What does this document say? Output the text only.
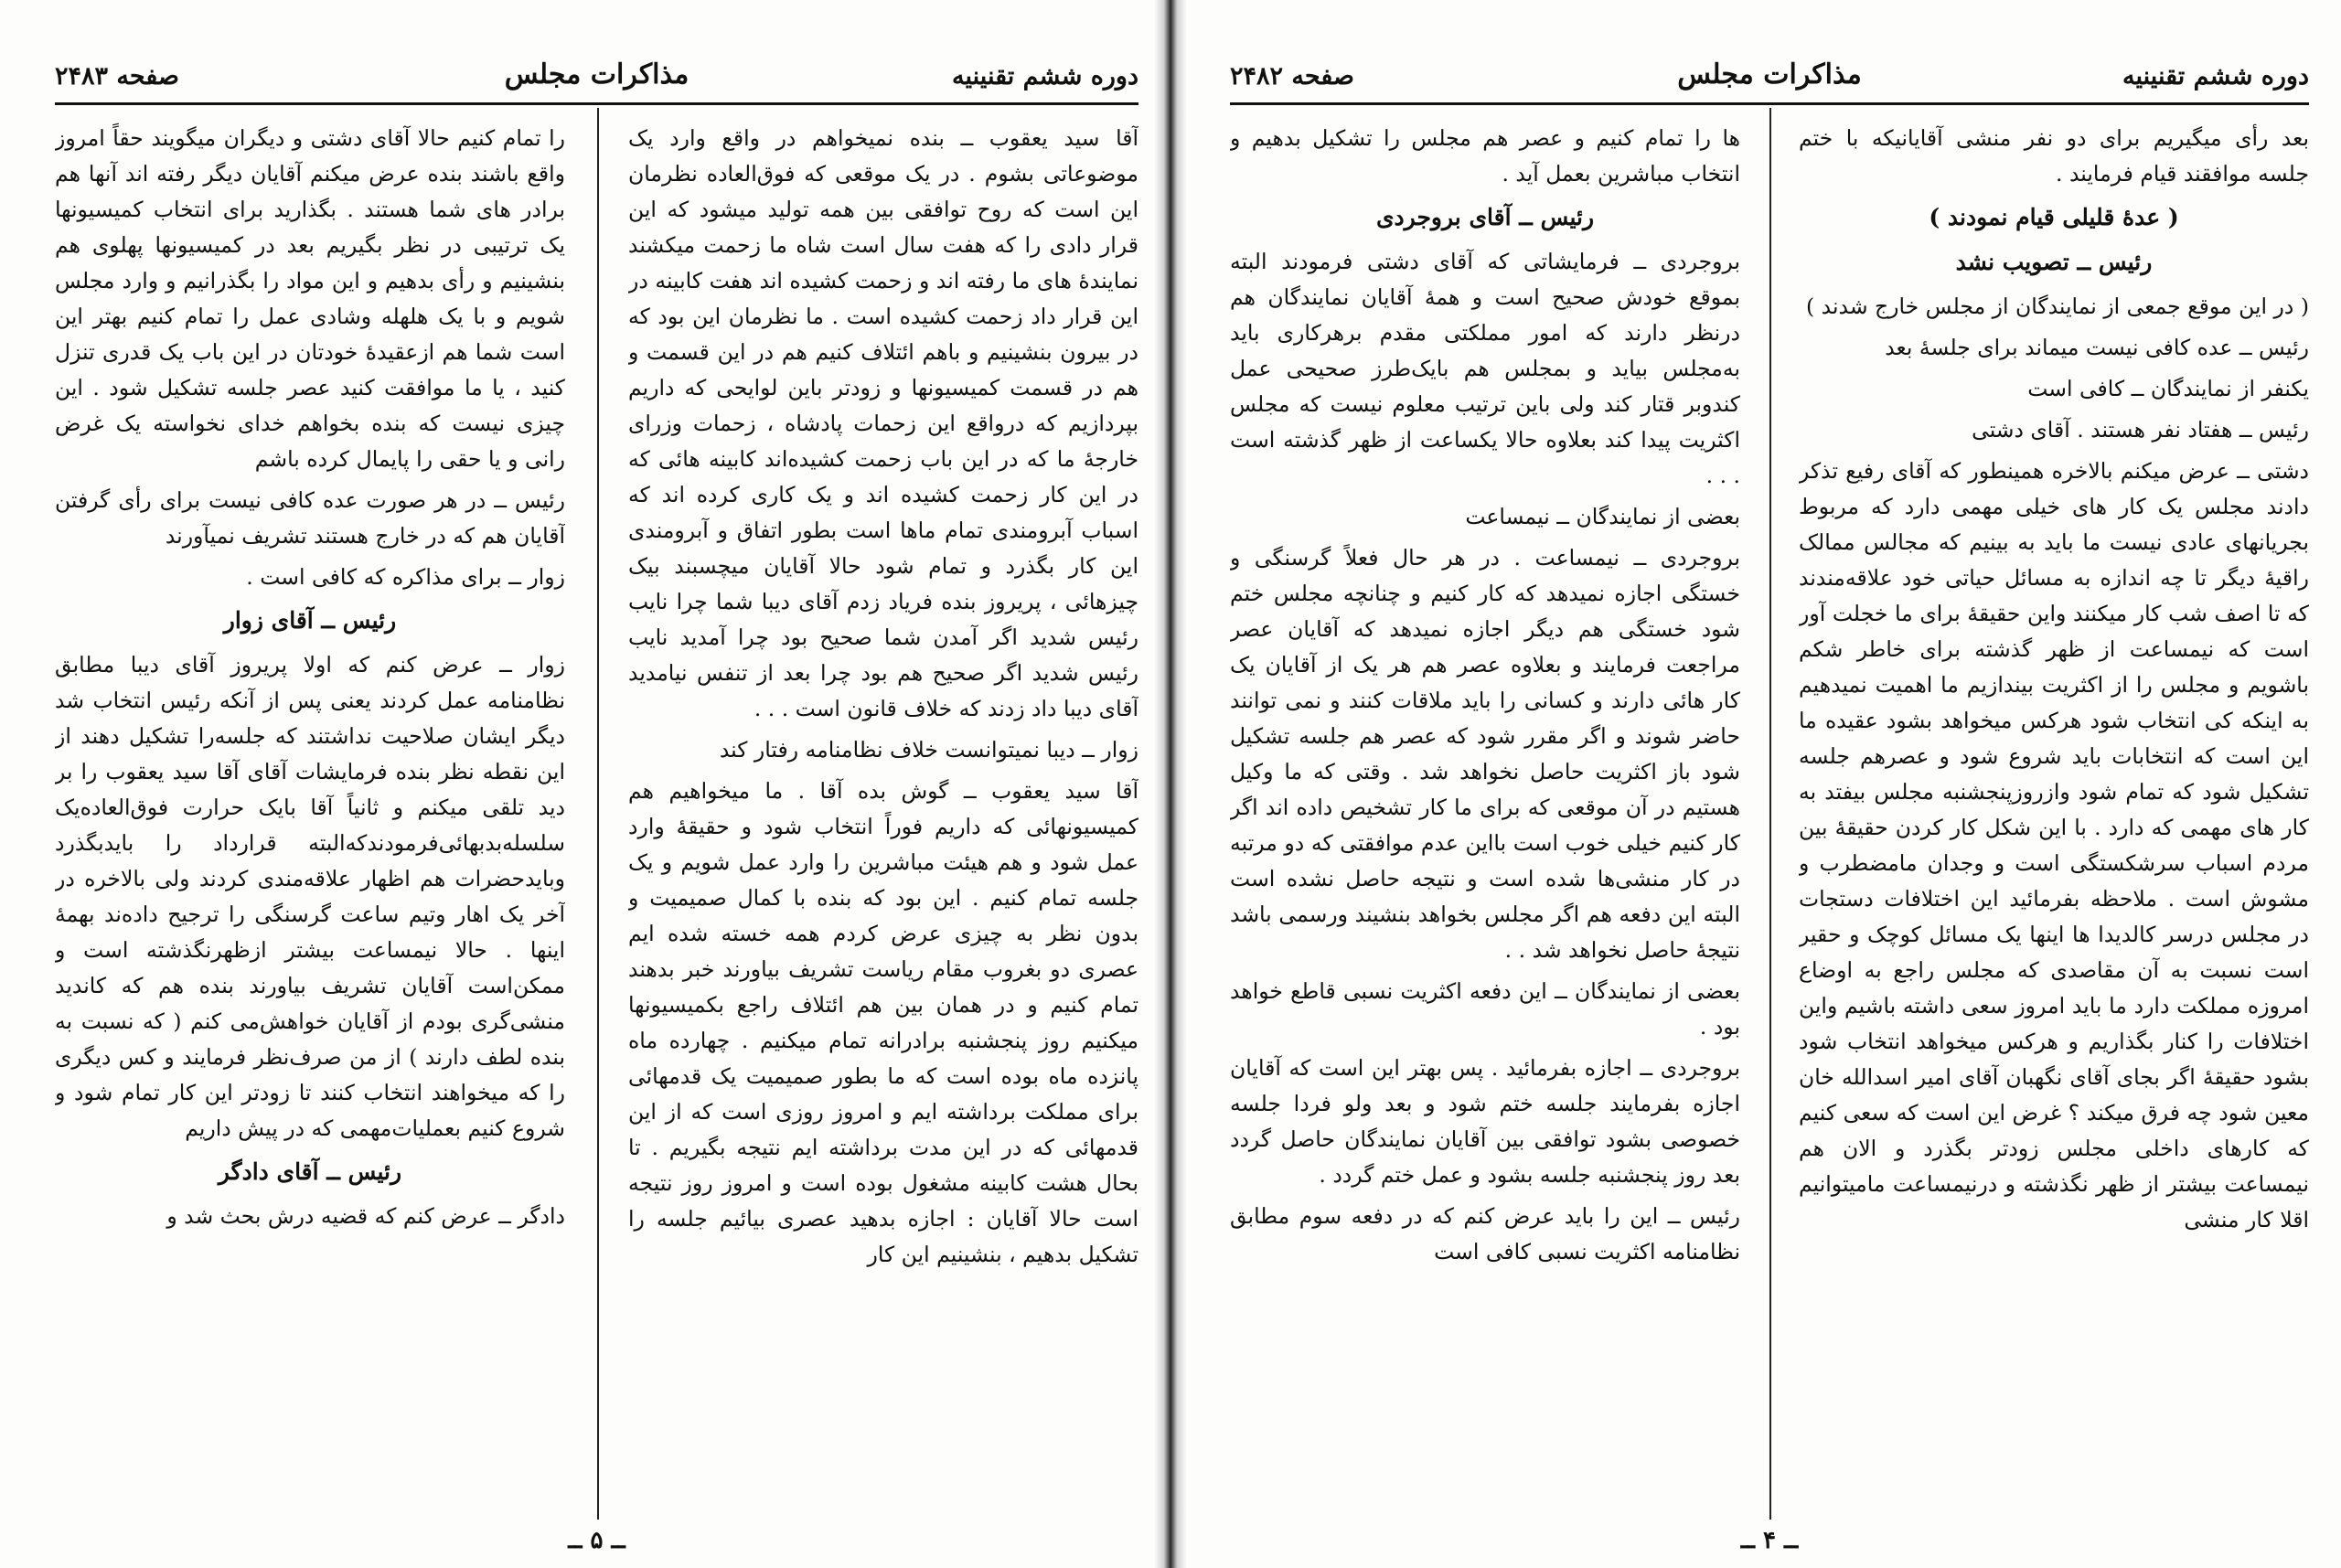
دوره‌ ششم تقنینیه
مذاکرات مجلس
صفحه ۲۴۸۳

آقا سید یعقوب ــ بنده نمیخواهم در واقع وارد یک موضوعاتی بشوم . در یک موقعی که فوق‌العاده نظرمان این است که روح توافقی بین همه تولید میشود که این قرار دادی را که هفت سال است شاه ما زحمت میکشند نمایندهٔ های ما رفته اند و زحمت کشیده اند هفت کابینه در این قرار داد زحمت کشیده است . ما نظرمان این بود که در بیرون بنشینیم و باهم ائتلاف کنیم هم در این قسمت و هم در قسمت کمیسیونها و زودتر باین لوایحی که داریم بپردازیم که درواقع این زحمات پادشاه ، زحمات وزرای خارجهٔ ما که در این باب زحمت کشیده‌اند کابینه هائی که در این کار زحمت کشیده اند و یک کاری کرده اند که اسباب آبرومندی تمام ما‌ها است بطور اتفاق و آبرومندی این کار بگذرد و تمام شود حالا آقایان میچسبند بیک چیزهائی ، پریروز بنده فریاد زدم آقای دیبا شما چرا نایب رئیس شدید اگر آمدن شما صحیح بود چرا آمدید نایب رئیس شدید اگر صحیح هم بود چرا بعد از تنفس نیامدید آقای دیبا داد زدند که خلاف قانون است . . .

زوار ــ دیبا نمیتوانست خلاف نظامنامه رفتار کند

آقا سید یعقوب ــ گوش بده آقا . ما میخواهیم هم کمیسیونهائی که داریم فوراً انتخاب شود و حقیقهٔ وارد عمل شود و هم هیئت مباشرین را وارد عمل شویم و یک جلسه تمام کنیم . این بود که بنده با کمال صمیمیت و بدون نظر به چیزی عرض کردم همه خسته شده ایم عصری دو بغروب مقام ریاست تشریف بیاورند خبر بدهند تمام کنیم و در همان بین هم ائتلاف راجع بکمیسیونها میکنیم روز پنجشنبه برادرانه تمام میکنیم . چهارده ماه پانزده ماه بوده است که ما بطور صمیمیت یک قدمهائی برای مملکت برداشته ایم و امروز روزی است که از این قدمهائی که در این مدت برداشته ایم نتیجه بگیریم . تا بحال هشت کابینه مشغول بوده است و امروز روز نتیجه است حالا آقایان : اجازه بدهید عصری بیائیم جلسه را تشکیل بدهیم ، بنشینیم این کار

را تمام کنیم حالا آقای دشتی و دیگران میگویند حقاً امروز واقع باشند بنده عرض میکنم آقایان دیگر رفته اند آنها هم برادر های شما هستند . بگذارید برای انتخاب کمیسیونها یک ترتیبی در نظر بگیریم بعد در کمیسیونها پهلوی هم بنشینیم و رأی بدهیم و این مواد را بگذرانیم و وارد مجلس شویم و با یک هلهله وشادی عمل را تمام کنیم بهتر این است شما هم ازعقیدهٔ خودتان در این باب یک قدری تنزل کنید ، یا ما موافقت کنید عصر جلسه تشکیل شود . این چیزی نیست که بنده بخواهم خدای نخواسته یک غرض رانی و یا حقی را پایمال کرده باشم

رئیس ــ در هر صورت عده کافی نیست برای رأی گرفتن آقایان هم که در خارج هستند تشریف نمیآورند

زوار ــ برای مذاکره که کافی است .

رئیس ــ آقای زوار

زوار ــ عرض کنم که اولا پریروز آقای دیبا مطابق نظامنامه عمل کردند یعنی پس از آنکه رئیس انتخاب شد دیگر ایشان صلاحیت نداشتند که جلسه‌را تشکیل دهند از این نقطه نظر بنده فرمایشات آقای آقا سید یعقوب را بر دید تلقی میکنم و ثانیاً آقا بایک حرارت فوق‌العاده‌یک سلسله‌بدبهائی‌فرمودندکه‌البته قرارداد را بایدبگذرد‌ وباید‌حضرات هم اظهار علاقه‌مندی کردند ولی بالاخره در آخر یک‌ اهار وتیم ساعت گرسنگی را ترجیح داده‌ند بهمهٔ اینها . حالا نیمساعت بیشتر ازظهرنگذشته است و ممکن‌است آقایان تشریف بیاورند بنده هم که کاندید منشی‌گری بودم از آقایان خواهش‌می کنم ( که نسبت به بنده لطف دارند ) از من صرف‌نظر فرمایند و کس دیگری را که میخواهند انتخاب کنند تا زودتر این کار تمام شود و شروع کنیم بعملیات‌مهمی که در پیش داریم

رئیس ــ آقای دادگر

دادگر ــ عرض کنم که قضیه درش بحث شد و

ــ ۵ ــ
دوره‌ ششم تقنینیه
مذاکرات مجلس
صفحه ۲۴۸۲

بعد رأی میگیریم برای دو نفر منشی آقایانیکه با ختم جلسه موافقند قیام فرمایند .

( عدهٔ قلیلی قیام نمودند )

رئیس ــ تصویب نشد

( در این موقع جمعی از نمایندگان از مجلس خارج شدند )

رئیس ــ عده کافی نیست میماند برای جلسهٔ بعد

یکنفر از نمایندگان ــ کافی است

رئیس ــ هفتاد نفر هستند . آقای دشتی

دشتی ــ عرض میکنم بالاخره همینطور که آقای رفیع تذکر دادند مجلس یک کار های خیلی مهمی دارد که مربوط بجریانهای عادی نیست ما باید به بینیم که مجالس ممالک راقیهٔ دیگر تا چه اندازه به مسائل حیاتی خود علاقه‌مندند که تا اصف شب کار میکنند واین حقیقهٔ برای ما خجلت آور است که نیمساعت از ظهر گذشته برای خاطر شکم باشویم و مجلس را از اکثریت بیندازیم ما اهمیت نمیدهیم به اینکه کی انتخاب شود هرکس میخواهد بشود عقیده ما این است که انتخابات باید شروع شود و عصرهم جلسه تشکیل شود که تمام شود وازروزپنجشنبه مجلس بیفتد به کار های مهمی که دارد . با این شکل کار کردن حقیقهٔ بین مردم اسباب سرشکستگی است و وجدان مامضطرب و مشوش است . ملاحظه بفرمائید این اختلافات دستجات در مجلس درسر کالدیدا ها اینها یک مسائل کوچک و حقیر است نسبت به آن مقاصدی که مجلس راجع به اوضاع امروزه مملکت دارد ما باید امروز سعی داشته باشیم واین اختلافات را کنار بگذاریم و هرکس میخواهد انتخاب شود بشود حقیقهٔ اگر بجای آقای نگهبان آقای امیر اسدالله خان معین شود چه فرق میکند ؟ غرض این است که سعی کنیم که کارهای داخلی مجلس زودتر بگذرد و الان هم نیمساعت بیشتر از ظهر نگذشته و درنیمساعت ماميتوانيم اقلا کار منشی

ها را تمام کنیم و عصر هم مجلس را تشکیل بدهیم و انتخاب مباشرین بعمل آید .

رئیس ــ آقای بروجردی

بروجردی ــ فرمایشاتی که آقای دشتی فرمودند البته بموقع خودش صحیح است و همهٔ آقایان نمایندگان هم درنظر دارند که امور مملکتی مقدم برهرکاری باید به‌مجلس بیاید و بمجلس هم بایک‌طرز صحیحی عمل کندوبر قتار کند ولی باین ترتیب معلوم نیست که مجلس اکثریت پیدا کند بعلاوه حالا یکساعت از ظهر گذشته است . . .

بعضی از نمایندگان ــ نیمساعت

بروجردی ــ نیمساعت . در هر حال فعلاً گرسنگی و خستگی اجازه نمیدهد که کار کنیم و چنانچه مجلس ختم شود خستگی هم دیگر اجازه نمیدهد که آقایان عصر مراجعت فرمایند و بعلاوه عصر هم هر یک از آقایان یک کار هائی دارند و کسانی را باید ملاقات کنند و نمی توانند حاضر شوند و اگر مقرر شود که عصر هم جلسه تشکیل شود باز اکثریت حاصل نخواهد شد . وقتی که ما وکیل هستیم در آن موقعی که برای ما کار تشخیص داده اند اگر کار کنیم خیلی خوب است بااین عدم موافقتی که دو مرتبه در کار منشی‌ها شده است و نتیجه حاصل نشده است البته این دفعه هم اگر مجلس بخواهد بنشیند ورسمی باشد نتیجهٔ حاصل نخواهد شد . .

بعضی از نمایندگان ــ این دفعه اکثریت نسبی قاطع خواهد بود .

بروجردی ــ اجازه بفرمائید . پس بهتر این است که آقایان اجازه بفرمایند جلسه ختم شود و بعد ولو فردا جلسه خصوصی بشود توافقی بین آقایان نمایندگان حاصل گردد بعد روز پنجشنبه جلسه بشود و عمل ختم گردد .

رئیس ــ این را باید عرض کنم که در دفعه سوم مطابق نظامنامه اکثریت نسبی کافی است

ــ ۴ ــ
